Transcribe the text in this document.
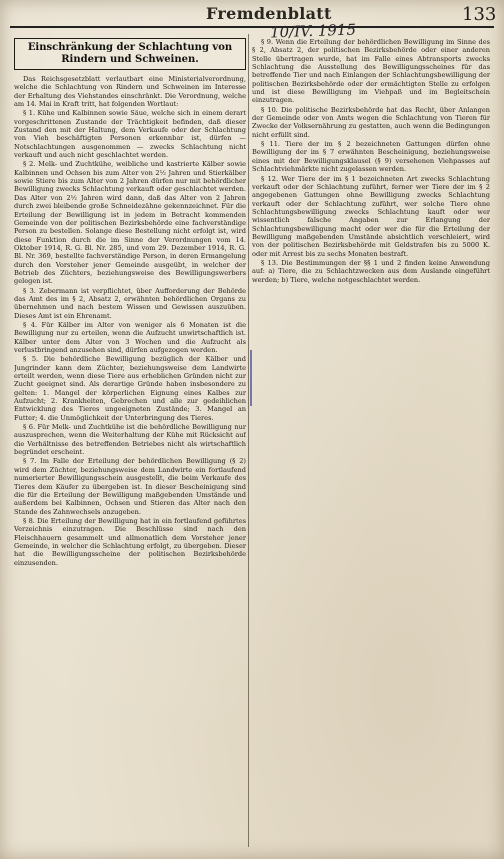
Fremdenblatt	133
10/IV. 1915
Einschränkung der Schlachtung von Rindern und Schweinen.

Das Reichsgesetzblatt verlautbart eine Ministerialverordnung, welche die Schlachtung von Rindern und Schweinen im Interesse der Erhaltung des Viehstandes einschränkt. Die Verordnung, welche am 14. Mai in Kraft tritt, hat folgenden Wortlaut:

§ 1. Kühe und Kalbinnen sowie Säue, welche sich in einem derart vorgeschrittenen Zustande der Trächtigkeit befinden, daß dieser Zustand den mit der Haltung, dem Verkaufe oder der Schlachtung von Vieh beschäftigten Personen erkennbar ist, dürfen — Notschlachtungen ausgenommen — zwecks Schlachtung nicht verkauft und auch nicht geschlachtet werden.

§ 2. Melk- und Zuchtkühe, weibliche und kastrierte Kälber sowie Kalbinnen und Ochsen bis zum Alter von 2½ Jahren und Stierkälber sowie Stiere bis zum Alter von 2 Jahren dürfen nur mit behördlicher Bewilligung zwecks Schlachtung verkauft oder geschlachtet werden. Das Alter von 2½ Jahren wird dann, daß das Alter von 2 Jahren durch zwei bleibende große Schneidezähne gekennzeichnet. Für die Erteilung der Bewilligung ist in jedem in Betracht kommenden Gemeinde von der politischen Bezirksbehörde eine fachverständige Person zu bestellen. Solange diese Bestellung nicht erfolgt ist, wird diese Funktion durch die im Sinne der Verordnungen vom 14. Oktober 1914, R. G. Bl. Nr. 285, und vom 29. Dezember 1914, R. G. Bl. Nr. 369, bestellte fachverständige Person, in deren Ermangelung durch den Vorsteher jener Gemeinde ausgeübt, in welcher der Betrieb des Züchters, beziehungsweise des Bewilligungswerbers gelegen ist.

§ 3. Zebermann ist verpflichtet, über Aufforderung der Behörde das Amt des im § 2, Absatz 2, erwähnten behördlichen Organs zu übernehmen und nach bestem Wissen und Gewissen auszuüben. Dieses Amt ist ein Ehrenamt.

§ 4. Für Kälber im Alter von weniger als 6 Monaten ist die Bewilligung nur zu erteilen, wenn die Aufzucht unwirtschaftlich ist. Kälber unter dem Alter von 3 Wochen und die Aufzucht als verlustbringend anzusehen sind, dürfen aufgezogen werden.

§ 5. Die behördliche Bewilligung bezüglich der Kälber und Jungrinder kann dem Züchter, beziehungsweise dem Landwirte erteilt werden, wenn diese Tiere aus erheblichen Gründen nicht zur Zucht geeignet sind. Als derartige Gründe haben insbesondere zu gelten: 1. Mangel der körperlichen Eignung eines Kalbes zur Aufzucht; 2. Krankheiten, Gebrechen und alle zur gedeihlichen Entwicklung des Tieres ungeeigneten Zustände; 3. Mangel an Futter; 4. die Unmöglichkeit der Unterbringung des Tieres.

§ 6. Für Melk- und Zuchtkühe ist die behördliche Bewilligung nur auszusprechen, wenn die Weiterhaltung der Kühe mit Rücksicht auf die Verhältnisse des betreffenden Betriebes nicht als wirtschaftlich begründet erscheint.

§ 7. Im Falle der Erteilung der behördlichen Bewilligung (§ 2) wird dem Züchter, beziehungsweise dem Landwirte ein fortlaufend numerierter Bewilligungsschein ausgestellt, die beim Verkaufe des Tieres dem Käufer zu übergeben ist. In dieser Bescheinigung sind die für die Erteilung der Bewilligung maßgebenden Umstände und außerdem bei Kalbinnen, Ochsen und Stieren das Alter nach den Stande des Zahnwechsels anzugeben.

§ 8. Die Erteilung der Bewilligung hat in ein fortlaufend geführtes Verzeichnis einzutragen. Die Beschlüsse sind nach den Fleischhauern gesammelt und allmonatlich dem Vorsteher jener Gemeinde, in welcher die Schlachtung erfolgt, zu übergeben. Dieser hat die Bewilligungsscheine der politischen Bezirksbehörde einzusenden.

§ 9. Wenn die Erteilung der behördlichen Bewilligung im Sinne des § 2, Absatz 2, der politischen Bezirksbehörde oder einer anderen Stelle übertragen wurde, hat im Falle eines Abtransports zwecks Schlachtung die Ausstellung des Bewilligungsscheines für das betreffende Tier und nach Einlangen der Schlachtungsbewilligung der politischen Bezirksbehörde oder der ermächtigten Stelle zu erfolgen und ist diese Bewilligung im Viehpaß und im Begleitschein einzutragen.

§ 10. Die politische Bezirksbehörde hat das Recht, über Anlangen der Gemeinde oder von Amts wegen die Schlachtung von Tieren für Zwecke der Volksernährung zu gestatten, auch wenn die Bedingungen nicht erfüllt sind.

§ 11. Tiere der im § 2 bezeichneten Gattungen dürfen ohne Bewilligung der im § 7 erwähnten Bescheinigung, beziehungsweise eines mit der Bewilligungsklausel (§ 9) versehenen Viehpasses auf Schlachtviehmärkte nicht zugelassen werden.

§ 12. Wer Tiere der im § 1 bezeichneten Art zwecks Schlachtung verkauft oder der Schlachtung zuführt, ferner wer Tiere der im § 2 angegebenen Gattungen ohne Bewilligung zwecks Schlachtung verkauft oder der Schlachtung zuführt, wer solche Tiere ohne Schlachtungsbewilligung zwecks Schlachtung kauft oder wer wissentlich falsche Angaben zur Erlangung der Schlachtungsbewilligung macht oder wer die für die Erteilung der Bewilligung maßgebenden Umstände absichtlich verschleiert, wird von der politischen Bezirksbehörde mit Geldstrafen bis zu 5000 K. oder mit Arrest bis zu sechs Monaten bestraft.

§ 13. Die Bestimmungen der §§ 1 und 2 finden keine Anwendung auf: a) Tiere, die zu Schlachtzwecken aus dem Auslande eingeführt werden; b) Tiere, welche notgeschlachtet werden.
